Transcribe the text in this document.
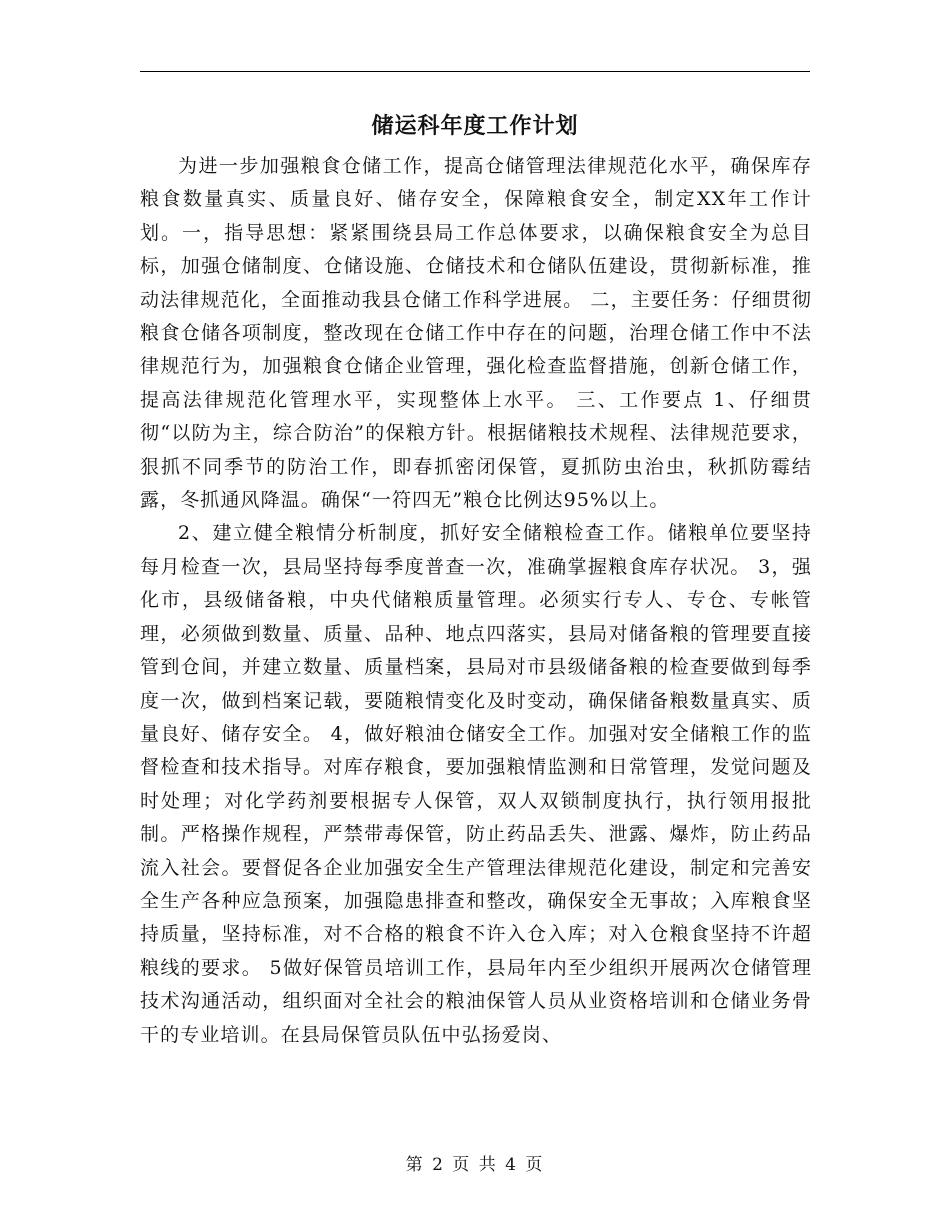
储运科年度工作计划

为进一步加强粮食仓储工作，提高仓储管理法律规范化水平，确保库存粮食数量真实、质量良好、储存安全，保障粮食安全，制定XX年工作计划。一，指导思想：紧紧围绕县局工作总体要求，以确保粮食安全为总目标，加强仓储制度、仓储设施、仓储技术和仓储队伍建设，贯彻新标准，推动法律规范化，全面推动我县仓储工作科学进展。 二，主要任务：仔细贯彻粮食仓储各项制度，整改现在仓储工作中存在的问题，治理仓储工作中不法律规范行为，加强粮食仓储企业管理，强化检查监督措施，创新仓储工作，提高法律规范化管理水平，实现整体上水平。 三、工作要点 1、仔细贯彻“以防为主，综合防治”的保粮方针。根据储粮技术规程、法律规范要求，狠抓不同季节的防治工作，即春抓密闭保管，夏抓防虫治虫，秋抓防霉结露，冬抓通风降温。确保“一符四无”粮仓比例达95%以上。

2、建立健全粮情分析制度，抓好安全储粮检查工作。储粮单位要坚持每月检查一次，县局坚持每季度普查一次，准确掌握粮食库存状况。 3，强化市，县级储备粮，中央代储粮质量管理。必须实行专人、专仓、专帐管理，必须做到数量、质量、品种、地点四落实，县局对储备粮的管理要直接管到仓间，并建立数量、质量档案，县局对市县级储备粮的检查要做到每季度一次，做到档案记载，要随粮情变化及时变动，确保储备粮数量真实、质量良好、储存安全。 4，做好粮油仓储安全工作。加强对安全储粮工作的监督检查和技术指导。对库存粮食，要加强粮情监测和日常管理，发觉问题及时处理；对化学药剂要根据专人保管，双人双锁制度执行，执行领用报批制。严格操作规程，严禁带毒保管，防止药品丢失、泄露、爆炸，防止药品流入社会。要督促各企业加强安全生产管理法律规范化建设，制定和完善安全生产各种应急预案，加强隐患排查和整改，确保安全无事故；入库粮食坚持质量，坚持标准，对不合格的粮食不许入仓入库；对入仓粮食坚持不许超粮线的要求。 5做好保管员培训工作，县局年内至少组织开展两次仓储管理技术沟通活动，组织面对全社会的粮油保管人员从业资格培训和仓储业务骨干的专业培训。在县局保管员队伍中弘扬爱岗、

第 2 页 共 4 页
